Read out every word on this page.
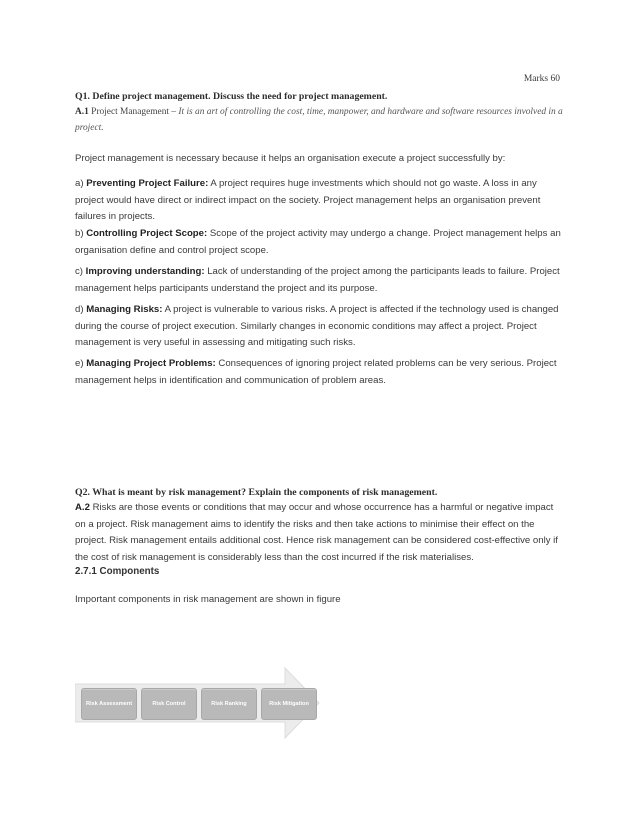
Marks 60

Q1. Define project management. Discuss the need for project management.

A.1 Project Management – It is an art of controlling the cost, time, manpower, and hardware and software resources involved in a project.

Project management is necessary because it helps an organisation execute a project successfully by:

a) Preventing Project Failure: A project requires huge investments which should not go waste. A loss in any project would have direct or indirect impact on the society. Project management helps an organisation prevent failures in projects.

b) Controlling Project Scope: Scope of the project activity may undergo a change. Project management helps an organisation define and control project scope.

c) Improving understanding: Lack of understanding of the project among the participants leads to failure. Project management helps participants understand the project and its purpose.

d) Managing Risks: A project is vulnerable to various risks. A project is affected if the technology used is changed during the course of project execution. Similarly changes in economic conditions may affect a project. Project management is very useful in assessing and mitigating such risks.

e) Managing Project Problems: Consequences of ignoring project related problems can be very serious. Project management helps in identification and communication of problem areas.

Q2. What is meant by risk management? Explain the components of risk management.

A.2 Risks are those events or conditions that may occur and whose occurrence has a harmful or negative impact on a project. Risk management aims to identify the risks and then take actions to minimise their effect on the project. Risk management entails additional cost. Hence risk management can be considered cost-effective only if the cost of risk management is considerably less than the cost incurred if the risk materialises.

2.7.1 Components

Important components in risk management are shown in figure

Risk Assessment	Risk Control	Risk Ranking	Risk Mitigation
